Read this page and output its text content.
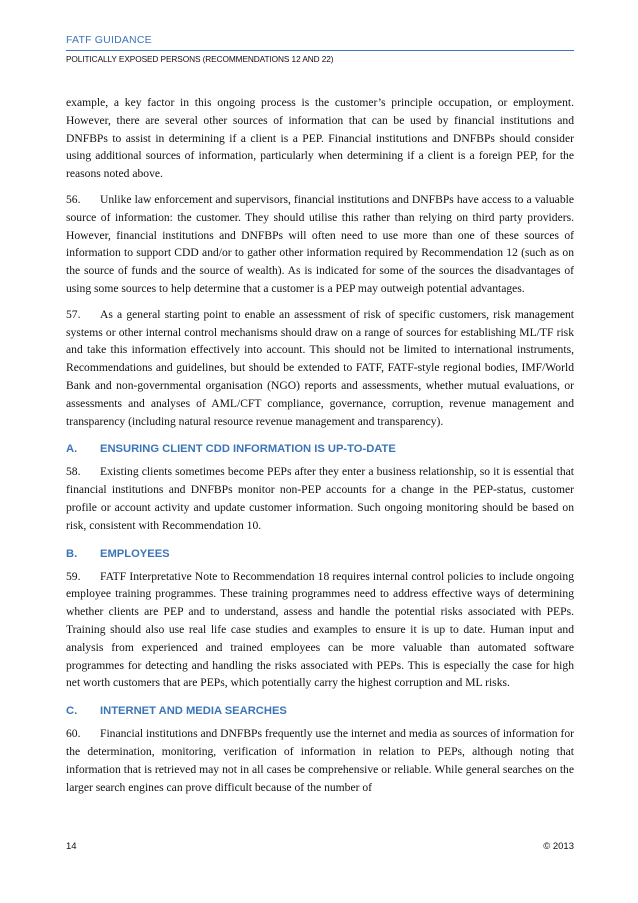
FATF GUIDANCE
POLITICALLY EXPOSED PERSONS (RECOMMENDATIONS 12 AND 22)

example, a key factor in this ongoing process is the customer’s principle occupation, or employment. However, there are several other sources of information that can be used by financial institutions and DNFBPs to assist in determining if a client is a PEP. Financial institutions and DNFBPs should consider using additional sources of information, particularly when determining if a client is a foreign PEP, for the reasons noted above.

56. Unlike law enforcement and supervisors, financial institutions and DNFBPs have access to a valuable source of information: the customer. They should utilise this rather than relying on third party providers. However, financial institutions and DNFBPs will often need to use more than one of these sources of information to support CDD and/or to gather other information required by Recommendation 12 (such as on the source of funds and the source of wealth). As is indicated for some of the sources the disadvantages of using some sources to help determine that a customer is a PEP may outweigh potential advantages.

57. As a general starting point to enable an assessment of risk of specific customers, risk management systems or other internal control mechanisms should draw on a range of sources for establishing ML/TF risk and take this information effectively into account. This should not be limited to international instruments, Recommendations and guidelines, but should be extended to FATF, FATF-style regional bodies, IMF/World Bank and non-governmental organisation (NGO) reports and assessments, whether mutual evaluations, or assessments and analyses of AML/CFT compliance, governance, corruption, revenue management and transparency (including natural resource revenue management and transparency).

A. ENSURING CLIENT CDD INFORMATION IS UP-TO-DATE

58. Existing clients sometimes become PEPs after they enter a business relationship, so it is essential that financial institutions and DNFBPs monitor non-PEP accounts for a change in the PEP-status, customer profile or account activity and update customer information. Such ongoing monitoring should be based on risk, consistent with Recommendation 10.

B. EMPLOYEES

59. FATF Interpretative Note to Recommendation 18 requires internal control policies to include ongoing employee training programmes. These training programmes need to address effective ways of determining whether clients are PEP and to understand, assess and handle the potential risks associated with PEPs. Training should also use real life case studies and examples to ensure it is up to date. Human input and analysis from experienced and trained employees can be more valuable than automated software programmes for detecting and handling the risks associated with PEPs. This is especially the case for high net worth customers that are PEPs, which potentially carry the highest corruption and ML risks.

C. INTERNET AND MEDIA SEARCHES

60. Financial institutions and DNFBPs frequently use the internet and media as sources of information for the determination, monitoring, verification of information in relation to PEPs, although noting that information that is retrieved may not in all cases be comprehensive or reliable. While general searches on the larger search engines can prove difficult because of the number of

14	© 2013
